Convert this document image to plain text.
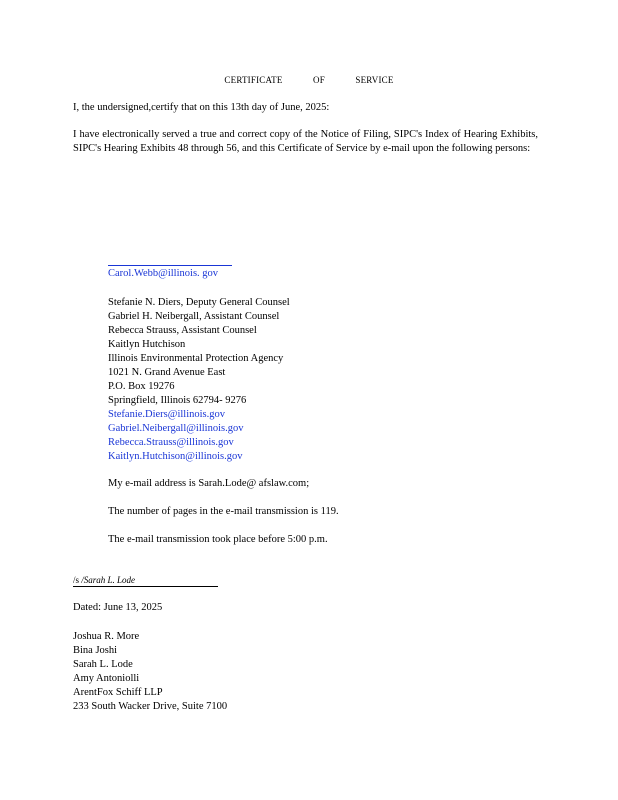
CERTIFICATE OF SERVICE
I, the undersigned,certify that on this 13th day of June, 2025:
I have electronically served a true and correct copy of the Notice of Filing, SIPC's Index of Hearing Exhibits, SIPC's Hearing Exhibits 48 through 56, and this Certificate of Service by e-mail upon the following persons:
Carol.Webb@illinois. gov
Stefanie N. Diers, Deputy General Counsel
Gabriel H. Neibergall, Assistant Counsel
Rebecca Strauss, Assistant Counsel
Kaitlyn Hutchison
Illinois Environmental Protection Agency
1021 N. Grand Avenue East
P.O. Box 19276
Springfield, Illinois 62794- 9276
Stefanie.Diers@illinois.gov
Gabriel.Neibergall@illinois.gov
Rebecca.Strauss@illinois.gov
Kaitlyn.Hutchison@illinois.gov
My e-mail address is Sarah.Lode@ afslaw.com;
The number of pages in the e-mail transmission is 119.
The e-mail transmission took place before 5:00 p.m.
/s /Sarah L. Lode
Dated: June 13, 2025
Joshua R. More
Bina Joshi
Sarah L. Lode
Amy Antoniolli
ArentFox Schiff LLP
233 South Wacker Drive, Suite 7100
